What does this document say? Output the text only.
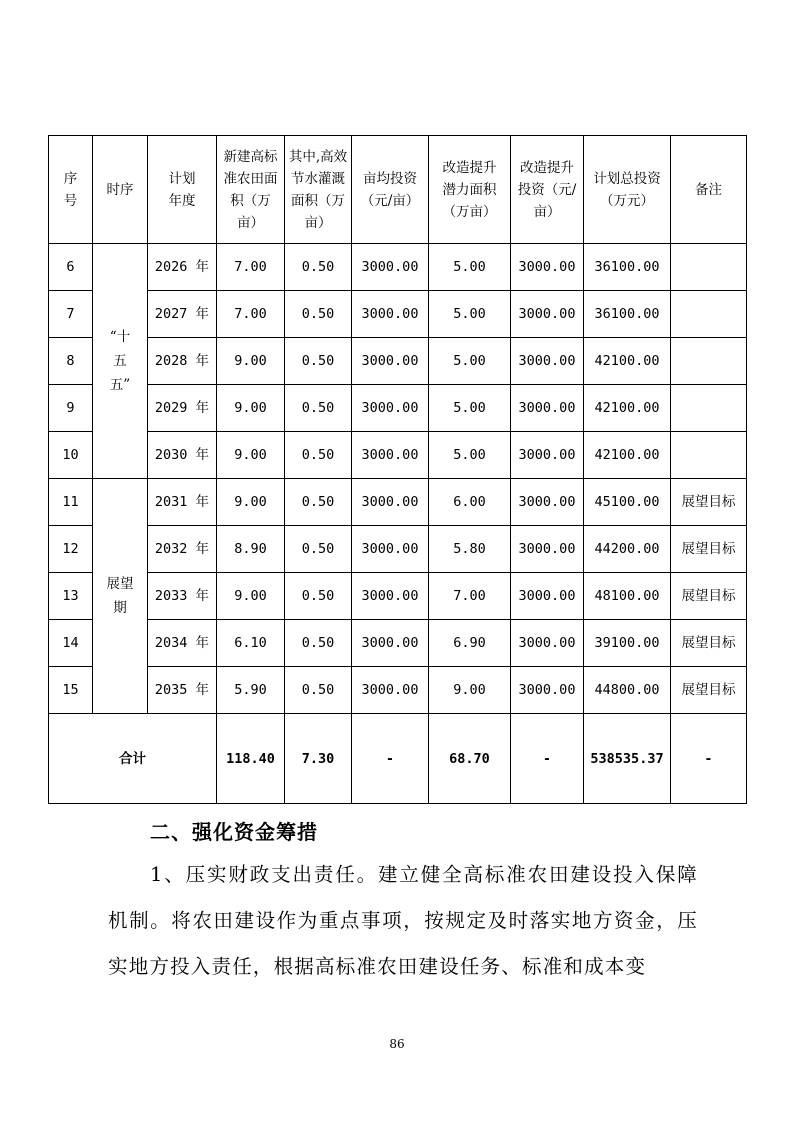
序号	时序	计划年度	新建高标准农田面积（万亩）	其中,高效节水灌溉面积（万亩）	亩均投资（元/亩）	改造提升潜力面积（万亩）	改造提升投资（元/亩）	计划总投资（万元）	备注
6	“十五五”	2026 年	7.00	0.50	3000.00	5.00	3000.00	36100.00	
7		2027 年	7.00	0.50	3000.00	5.00	3000.00	36100.00	
8		2028 年	9.00	0.50	3000.00	5.00	3000.00	42100.00	
9		2029 年	9.00	0.50	3000.00	5.00	3000.00	42100.00	
10		2030 年	9.00	0.50	3000.00	5.00	3000.00	42100.00	
11	展望期	2031 年	9.00	0.50	3000.00	6.00	3000.00	45100.00	展望目标
12		2032 年	8.90	0.50	3000.00	5.80	3000.00	44200.00	展望目标
13		2033 年	9.00	0.50	3000.00	7.00	3000.00	48100.00	展望目标
14		2034 年	6.10	0.50	3000.00	6.90	3000.00	39100.00	展望目标
15		2035 年	5.90	0.50	3000.00	9.00	3000.00	44800.00	展望目标
合计			118.40	7.30	-	68.70	-	538535.37	-
二、强化资金筹措

1、压实财政支出责任。建立健全高标准农田建设投入保障机制。将农田建设作为重点事项，按规定及时落实地方资金，压实地方投入责任，根据高标准农田建设任务、标准和成本变

86
